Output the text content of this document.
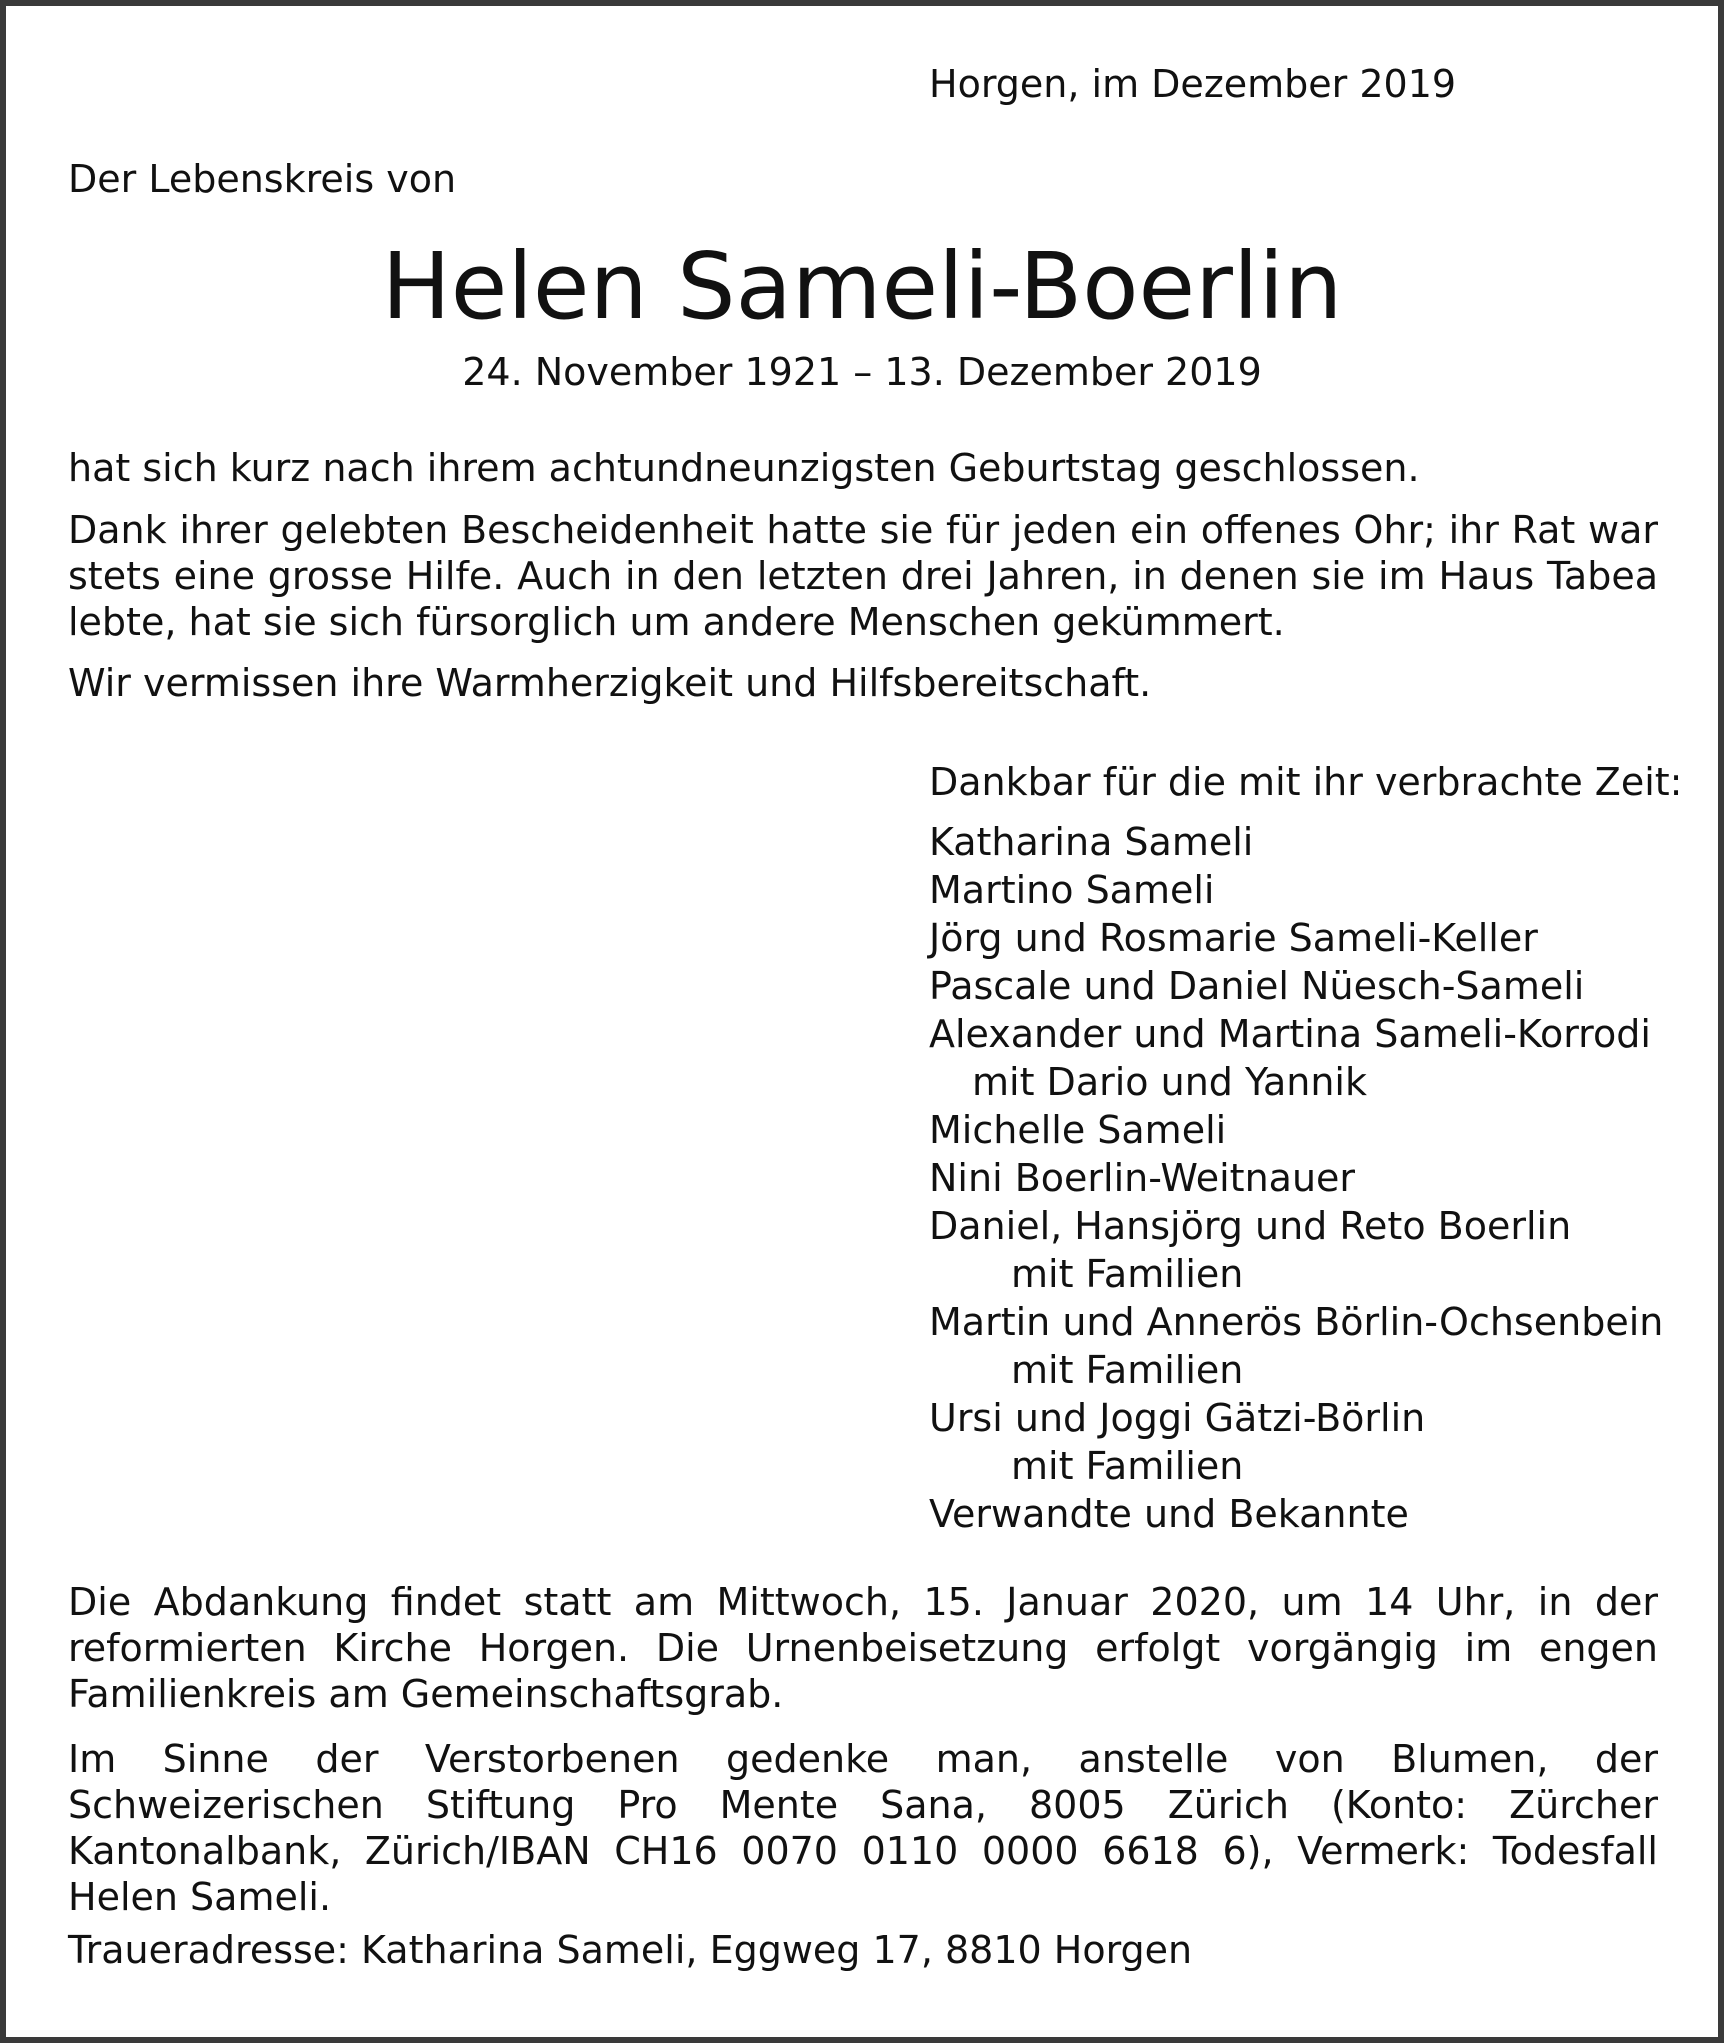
Horgen, im Dezember 2019
Der Lebenskreis von
Helen Sameli-Boerlin
24. November 1921 – 13. Dezember 2019
hat sich kurz nach ihrem achtundneunzigsten Geburtstag geschlossen.
Dank ihrer gelebten Bescheidenheit hatte sie für jeden ein offenes Ohr; ihr Rat war stets eine grosse Hilfe. Auch in den letzten drei Jahren, in denen sie im Haus Tabea lebte, hat sie sich fürsorglich um andere Menschen gekümmert.
Wir vermissen ihre Warmherzigkeit und Hilfsbereitschaft.
Dankbar für die mit ihr verbrachte Zeit:
Katharina Sameli
Martino Sameli
Jörg und Rosmarie Sameli-Keller
Pascale und Daniel Nüesch-Sameli
Alexander und Martina Sameli-Korrodi
mit Dario und Yannik
Michelle Sameli
Nini Boerlin-Weitnauer
Daniel, Hansjörg und Reto Boerlin
mit Familien
Martin und Annerös Börlin-Ochsenbein
mit Familien
Ursi und Joggi Gätzi-Börlin
mit Familien
Verwandte und Bekannte
Die Abdankung findet statt am Mittwoch, 15. Januar 2020, um 14 Uhr, in der reformierten Kirche Horgen. Die Urnenbeisetzung erfolgt vorgängig im engen Familienkreis am Gemeinschaftsgrab.
Im Sinne der Verstorbenen gedenke man, anstelle von Blumen, der Schweizerischen Stiftung Pro Mente Sana, 8005 Zürich (Konto: Zürcher Kantonalbank, Zürich/IBAN CH16 0070 0110 0000 6618 6), Vermerk: Todesfall Helen Sameli.
Traueradresse: Katharina Sameli, Eggweg 17, 8810 Horgen
